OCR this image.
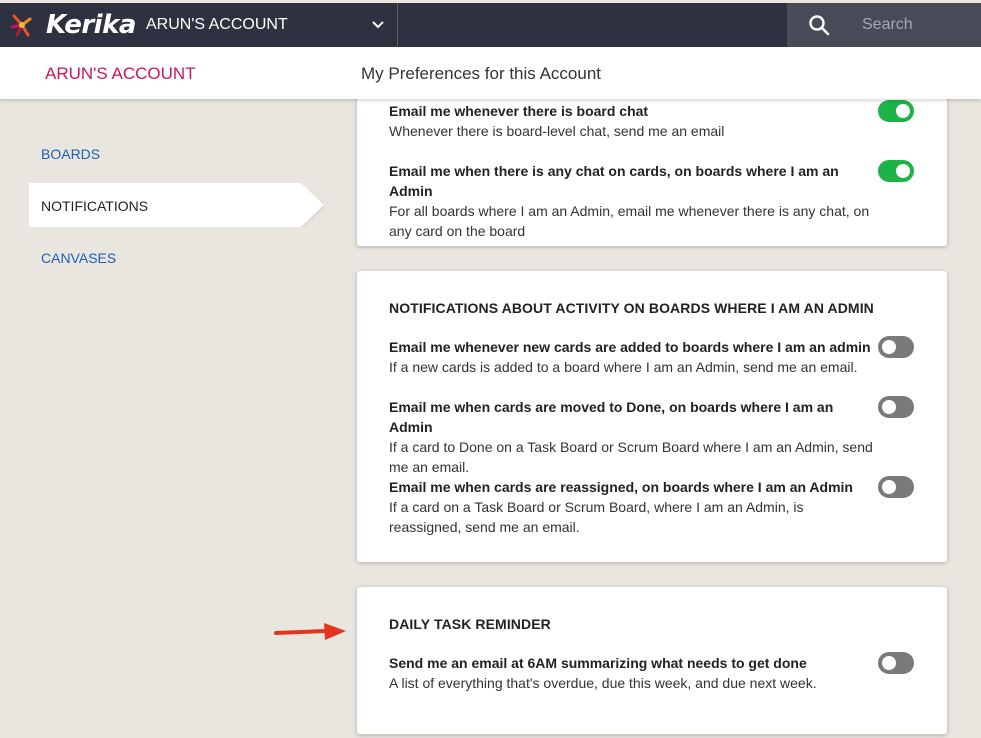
Kerika ARUN'S ACCOUNT
Search
ARUN'S ACCOUNT	My Preferences for this Account
BOARDS
NOTIFICATIONS
CANVASES
Email me whenever there is board chat
Whenever there is board-level chat, send me an email
Email me when there is any chat on cards, on boards where I am an Admin
For all boards where I am an Admin, email me whenever there is any chat, on any card on the board
NOTIFICATIONS ABOUT ACTIVITY ON BOARDS WHERE I AM AN ADMIN
Email me whenever new cards are added to boards where I am an admin
If a new cards is added to a board where I am an Admin, send me an email.
Email me when cards are moved to Done, on boards where I am an Admin
If a card to Done on a Task Board or Scrum Board where I am an Admin, send me an email.
Email me when cards are reassigned, on boards where I am an Admin
If a card on a Task Board or Scrum Board, where I am an Admin, is reassigned, send me an email.
DAILY TASK REMINDER
Send me an email at 6AM summarizing what needs to get done
A list of everything that's overdue, due this week, and due next week.
